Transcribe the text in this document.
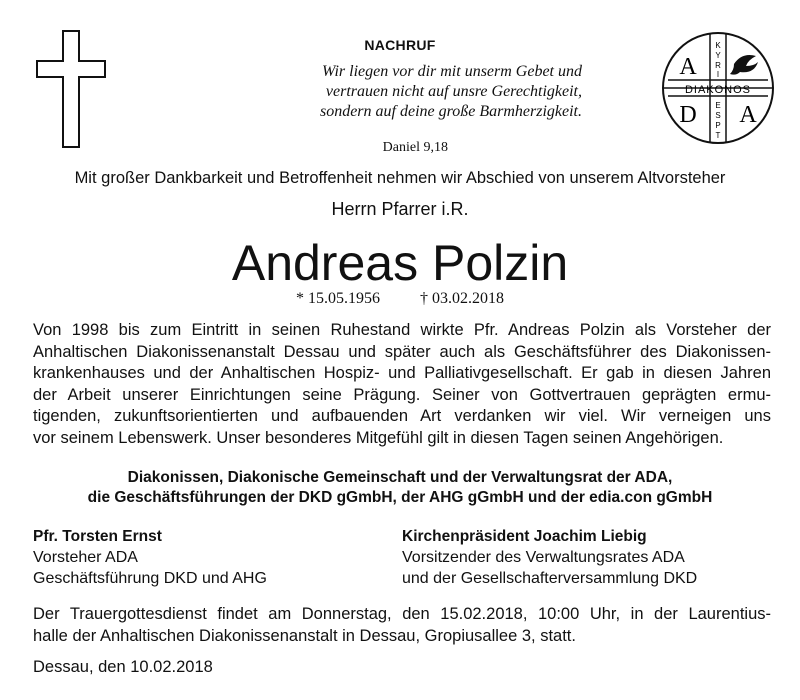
A
D A
DIAKONOS
K
Y
R
I
E
S
P
T
NACHRUF
Wir liegen vor dir mit unserm Gebet und
vertrauen nicht auf unsre Gerechtigkeit,
sondern auf deine große Barmherzigkeit.
Daniel 9,18
Mit großer Dankbarkeit und Betroffenheit nehmen wir Abschied von unserem Altvorsteher
Herrn Pfarrer i.R.
Andreas Polzin
* 15.05.1956	† 03.02.2018
Von 1998 bis zum Eintritt in seinen Ruhestand wirkte Pfr. Andreas Polzin als Vorsteher der
Anhaltischen Diakonissenanstalt Dessau und später auch als Geschäftsführer des Diakonissen-
krankenhauses und der Anhaltischen Hospiz- und Palliativgesellschaft. Er gab in diesen Jahren
der Arbeit unserer Einrichtungen seine Prägung. Seiner von Gottvertrauen geprägten ermu-
tigenden, zukunftsorientierten und aufbauenden Art verdanken wir viel. Wir verneigen uns
vor seinem Lebenswerk. Unser besonderes Mitgefühl gilt in diesen Tagen seinen Angehörigen.
Diakonissen, Diakonische Gemeinschaft und der Verwaltungsrat der ADA,
die Geschäftsführungen der DKD gGmbH, der AHG gGmbH und der edia.con gGmbH
Pfr. Torsten Ernst
Vorsteher ADA
Geschäftsführung DKD und AHG
Kirchenpräsident Joachim Liebig
Vorsitzender des Verwaltungsrates ADA
und der Gesellschafterversammlung DKD
Der Trauergottesdienst findet am Donnerstag, den 15.02.2018, 10:00 Uhr, in der Laurentius-
halle der Anhaltischen Diakonissenanstalt in Dessau, Gropiusallee 3, statt.
Dessau, den 10.02.2018
